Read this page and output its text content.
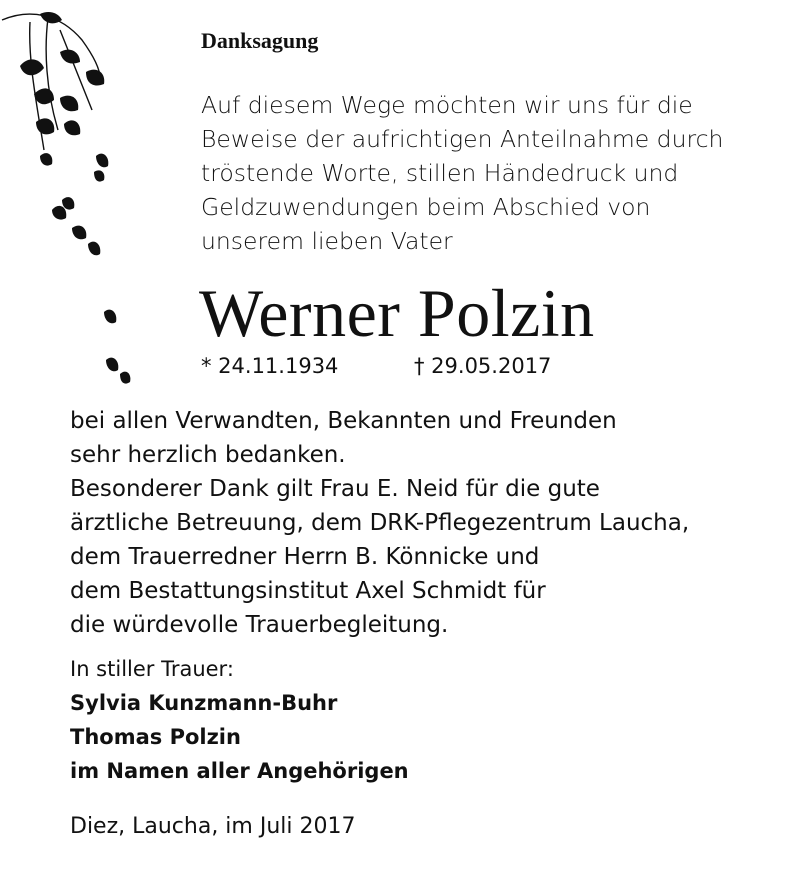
Danksagung
Auf diesem Wege möchten wir uns für die
Beweise der aufrichtigen Anteilnahme durch
tröstende Worte, stillen Händedruck und
Geldzuwendungen beim Abschied von
unserem lieben Vater
Werner Polzin
* 24.11.1934	† 29.05.2017
bei allen Verwandten, Bekannten und Freunden
sehr herzlich bedanken.
Besonderer Dank gilt Frau E. Neid für die gute
ärztliche Betreuung, dem DRK-Pflegezentrum Laucha,
dem Trauerredner Herrn B. Könnicke und
dem Bestattungsinstitut Axel Schmidt für
die würdevolle Trauerbegleitung.
In stiller Trauer:
Sylvia Kunzmann-Buhr
Thomas Polzin
im Namen aller Angehörigen
Diez, Laucha, im Juli 2017
